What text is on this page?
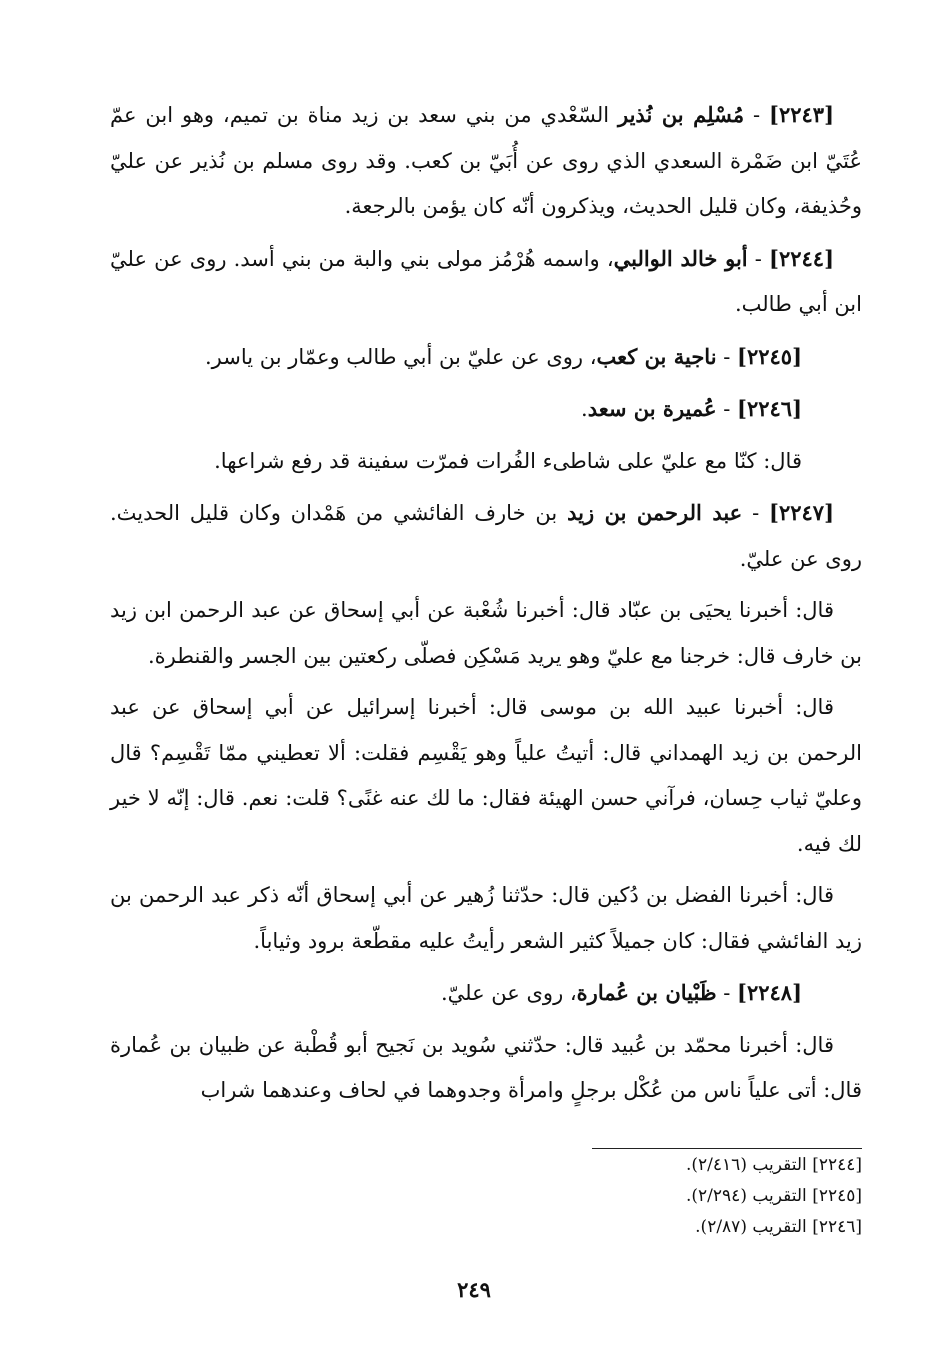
[٢٢٤٣] - مُسْلِم بن نُذير السّعْدي من بني سعد بن زيد مناة بن تميم، وهو ابن عمّ عُتَيّ ابن ضَمْرة السعدي الذي روى عن أُبَيّ بن كعب. وقد روى مسلم بن نُذير عن عليّ وحُذيفة، وكان قليل الحديث، ويذكرون أنّه كان يؤمن بالرجعة.

[٢٢٤٤] - أبو خالد الوالبي، واسمه هُرْمُز مولى بني والبة من بني أسد. روى عن عليّ ابن أبي طالب.

[٢٢٤٥] - ناجية بن كعب، روى عن عليّ بن أبي طالب وعمّار بن ياسر.

[٢٢٤٦] - عُميرة بن سعد.

قال: كنّا مع عليّ على شاطىء الفُرات فمرّت سفينة قد رفع شراعها.

[٢٢٤٧] - عبد الرحمن بن زيد بن خارف الفائشي من هَمْدان وكان قليل الحديث. روى عن عليّ.

قال: أخبرنا يحيَى بن عبّاد قال: أخبرنا شُعْبة عن أبي إسحاق عن عبد الرحمن ابن زيد بن خارف قال: خرجنا مع عليّ وهو يريد مَسْكِن فصلّى ركعتين بين الجسر والقنطرة.

قال: أخبرنا عبيد الله بن موسى قال: أخبرنا إسرائيل عن أبي إسحاق عن عبد الرحمن بن زيد الهمداني قال: أتيتُ علياً وهو يَقْسِم فقلت: ألا تعطيني ممّا تَقْسِم؟ قال وعليّ ثياب حِسان، فرآني حسن الهيئة فقال: ما لك عنه غنًى؟ قلت: نعم. قال: إنّه لا خير لك فيه.

قال: أخبرنا الفضل بن دُكين قال: حدّثنا زُهير عن أبي إسحاق أنّه ذكر عبد الرحمن بن زيد الفائشي فقال: كان جميلاً كثير الشعر رأيتُ عليه مقطّعة برود وثياباً.

[٢٢٤٨] - ظَبْيان بن عُمارة، روى عن عليّ.

قال: أخبرنا محمّد بن عُبيد قال: حدّثني سُويد بن نَجيح أبو قُطْبة عن ظبيان بن عُمارة قال: أتى علياً ناس من عُكْل برجلٍ وامرأة وجدوهما في لحاف وعندهما شراب

[٢٢٤٤] التقريب (٢/٤١٦).

[٢٢٤٥] التقريب (٢/٢٩٤).

[٢٢٤٦] التقريب (٢/٨٧).

٢٤٩
